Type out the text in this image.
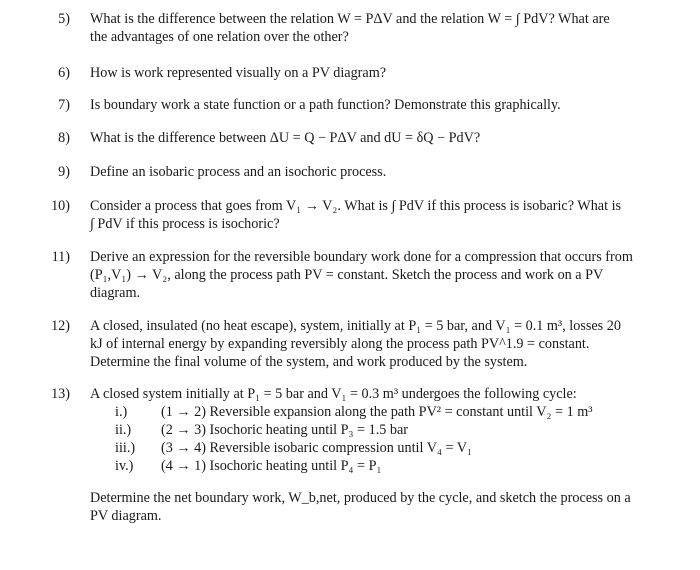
5) What is the difference between the relation W = PΔV and the relation W = ∫ PdV? What are
the advantages of one relation over the other?
6) How is work represented visually on a PV diagram?
7) Is boundary work a state function or a path function? Demonstrate this graphically.
8) What is the difference between ΔU = Q − PΔV and dU = δQ − PdV?
9) Define an isobaric process and an isochoric process.
10) Consider a process that goes from V₁ → V₂. What is ∫ PdV if this process is isobaric? What is
∫ PdV if this process is isochoric?
11) Derive an expression for the reversible boundary work done for a compression that occurs from
(P₁,V₁) → V₂, along the process path PV = constant. Sketch the process and work on a PV
diagram.
12) A closed, insulated (no heat escape), system, initially at P₁ = 5 bar, and V₁ = 0.1 m³, losses 20
kJ of internal energy by expanding reversibly along the process path PV^1.9 = constant.
Determine the final volume of the system, and work produced by the system.
13) A closed system initially at P₁ = 5 bar and V₁ = 0.3 m³ undergoes the following cycle:
i.)	(1 → 2) Reversible expansion along the path PV² = constant until V₂ = 1 m³
ii.)	(2 → 3) Isochoric heating until P₃ = 1.5 bar
iii.)	(3 → 4) Reversible isobaric compression until V₄ = V₁
iv.)	(4 → 1) Isochoric heating until P₄ = P₁
Determine the net boundary work, W_b,net, produced by the cycle, and sketch the process on a
PV diagram.
